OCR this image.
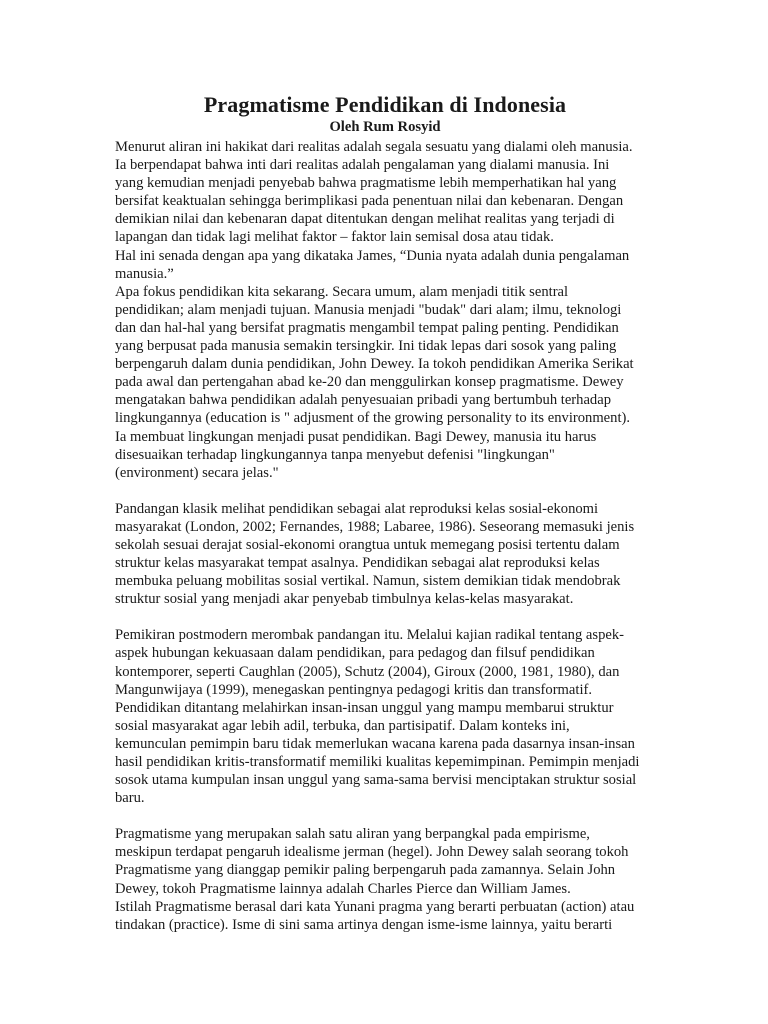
Pragmatisme Pendidikan di Indonesia
Oleh Rum Rosyid
Menurut aliran ini hakikat dari realitas adalah segala sesuatu yang dialami oleh manusia.
Ia berpendapat bahwa inti dari realitas adalah pengalaman yang dialami manusia. Ini
yang kemudian menjadi penyebab bahwa pragmatisme lebih memperhatikan hal yang
bersifat keaktualan sehingga berimplikasi pada penentuan nilai dan kebenaran. Dengan
demikian nilai dan kebenaran dapat ditentukan dengan melihat realitas yang terjadi di
lapangan dan tidak lagi melihat faktor – faktor lain semisal dosa atau tidak.
Hal ini senada dengan apa yang dikataka James, “Dunia nyata adalah dunia pengalaman
manusia.”
Apa fokus pendidikan kita sekarang. Secara umum, alam menjadi titik sentral
pendidikan; alam menjadi tujuan. Manusia menjadi "budak" dari alam; ilmu, teknologi
dan dan hal-hal yang bersifat pragmatis mengambil tempat paling penting. Pendidikan
yang berpusat pada manusia semakin tersingkir. Ini tidak lepas dari sosok yang paling
berpengaruh dalam dunia pendidikan, John Dewey. Ia tokoh pendidikan Amerika Serikat
pada awal dan pertengahan abad ke-20 dan menggulirkan konsep pragmatisme. Dewey
mengatakan bahwa pendidikan adalah penyesuaian pribadi yang bertumbuh terhadap
lingkungannya (education is " adjusment of the growing personality to its environment).
Ia membuat lingkungan menjadi pusat pendidikan. Bagi Dewey, manusia itu harus
disesuaikan terhadap lingkungannya tanpa menyebut defenisi "lingkungan"
(environment) secara jelas."
Pandangan klasik melihat pendidikan sebagai alat reproduksi kelas sosial-ekonomi
masyarakat (London, 2002; Fernandes, 1988; Labaree, 1986). Seseorang memasuki jenis
sekolah sesuai derajat sosial-ekonomi orangtua untuk memegang posisi tertentu dalam
struktur kelas masyarakat tempat asalnya. Pendidikan sebagai alat reproduksi kelas
membuka peluang mobilitas sosial vertikal. Namun, sistem demikian tidak mendobrak
struktur sosial yang menjadi akar penyebab timbulnya kelas-kelas masyarakat.
Pemikiran postmodern merombak pandangan itu. Melalui kajian radikal tentang aspek-
aspek hubungan kekuasaan dalam pendidikan, para pedagog dan filsuf pendidikan
kontemporer, seperti Caughlan (2005), Schutz (2004), Giroux (2000, 1981, 1980), dan
Mangunwijaya (1999), menegaskan pentingnya pedagogi kritis dan transformatif.
Pendidikan ditantang melahirkan insan-insan unggul yang mampu membarui struktur
sosial masyarakat agar lebih adil, terbuka, dan partisipatif. Dalam konteks ini,
kemunculan pemimpin baru tidak memerlukan wacana karena pada dasarnya insan-insan
hasil pendidikan kritis-transformatif memiliki kualitas kepemimpinan. Pemimpin menjadi
sosok utama kumpulan insan unggul yang sama-sama bervisi menciptakan struktur sosial
baru.
Pragmatisme yang merupakan salah satu aliran yang berpangkal pada empirisme,
meskipun terdapat pengaruh idealisme jerman (hegel). John Dewey salah seorang tokoh
Pragmatisme yang dianggap pemikir paling berpengaruh pada zamannya. Selain John
Dewey, tokoh Pragmatisme lainnya adalah Charles Pierce dan William James.
Istilah Pragmatisme berasal dari kata Yunani pragma yang berarti perbuatan (action) atau
tindakan (practice). Isme di sini sama artinya dengan isme-isme lainnya, yaitu berarti
